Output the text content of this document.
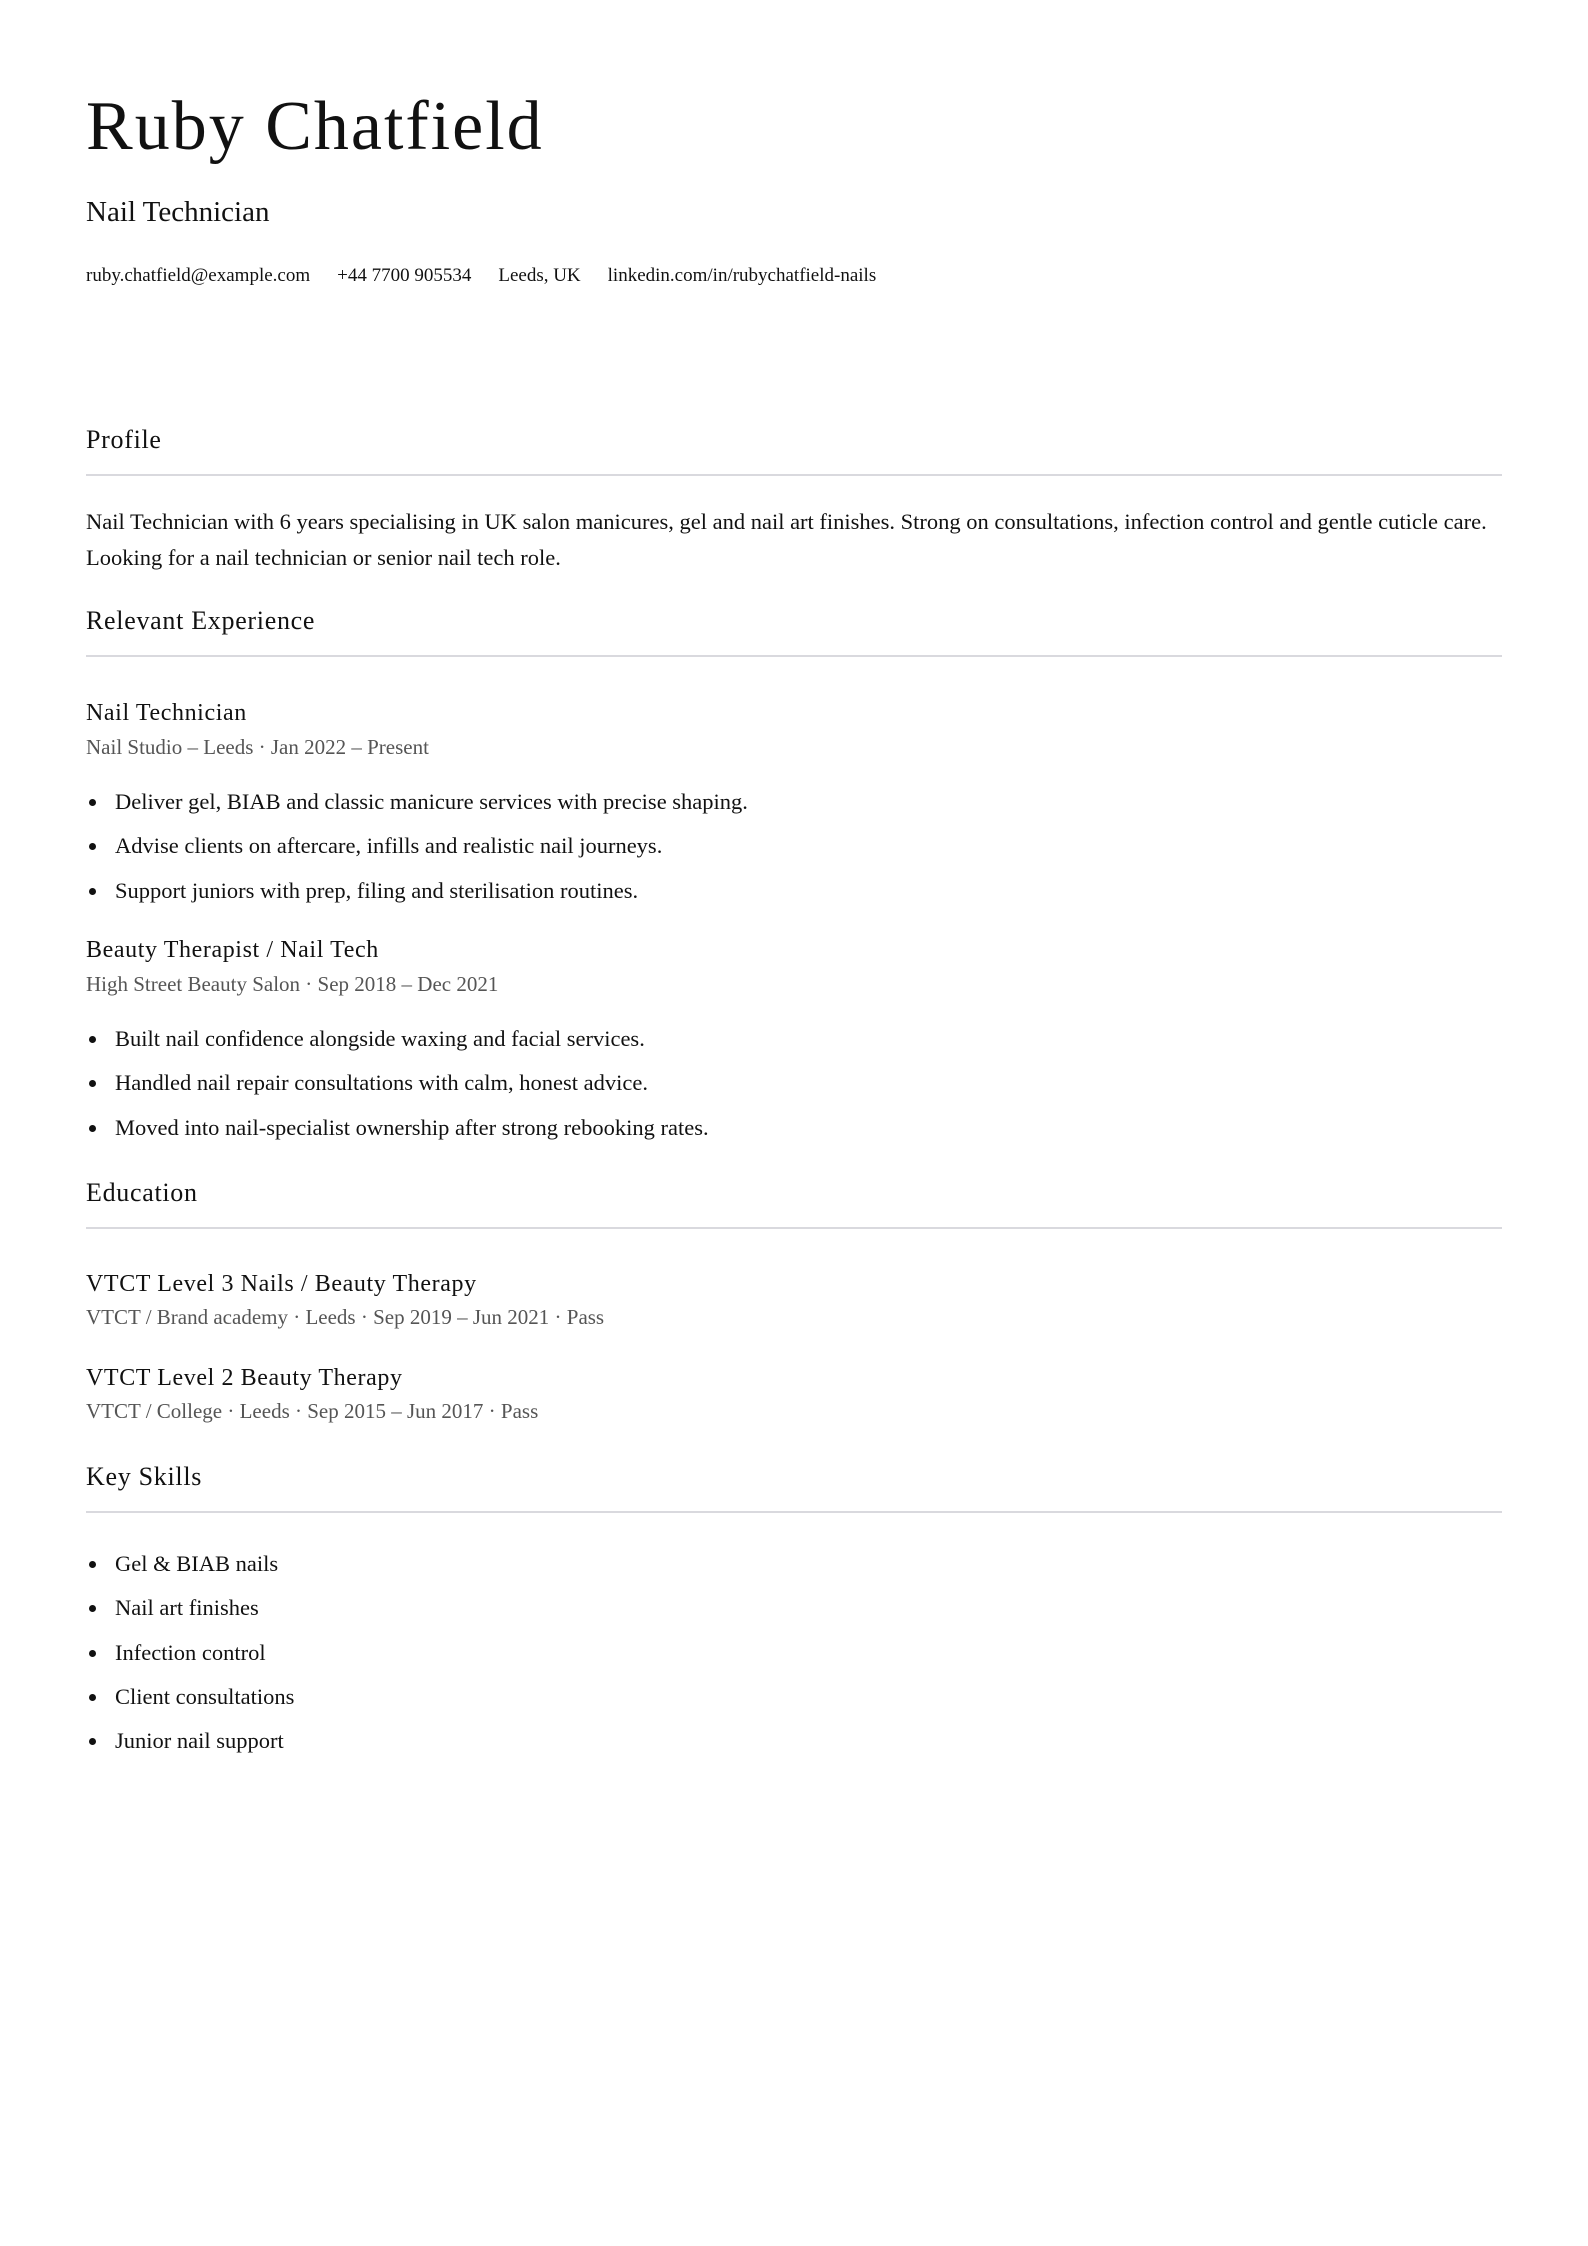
Ruby Chatfield
Nail Technician
ruby.chatfield@example.com +44 7700 905534 Leeds, UK linkedin.com/in/rubychatfield-nails
Profile

Nail Technician with 6 years specialising in UK salon manicures, gel and nail art finishes. Strong on consultations, infection control and gentle cuticle care. Looking for a nail technician or senior nail tech role.

Relevant Experience
Nail Technician

Nail Studio – Leeds · Jan 2022 – Present

Deliver gel, BIAB and classic manicure services with precise shaping.
Advise clients on aftercare, infills and realistic nail journeys.
Support juniors with prep, filing and sterilisation routines.
Beauty Therapist / Nail Tech

High Street Beauty Salon · Sep 2018 – Dec 2021

Built nail confidence alongside waxing and facial services.
Handled nail repair consultations with calm, honest advice.
Moved into nail-specialist ownership after strong rebooking rates.
Education
VTCT Level 3 Nails / Beauty Therapy

VTCT / Brand academy · Leeds · Sep 2019 – Jun 2021 · Pass

VTCT Level 2 Beauty Therapy

VTCT / College · Leeds · Sep 2015 – Jun 2017 · Pass

Key Skills
Gel & BIAB nails
Nail art finishes
Infection control
Client consultations
Junior nail support
